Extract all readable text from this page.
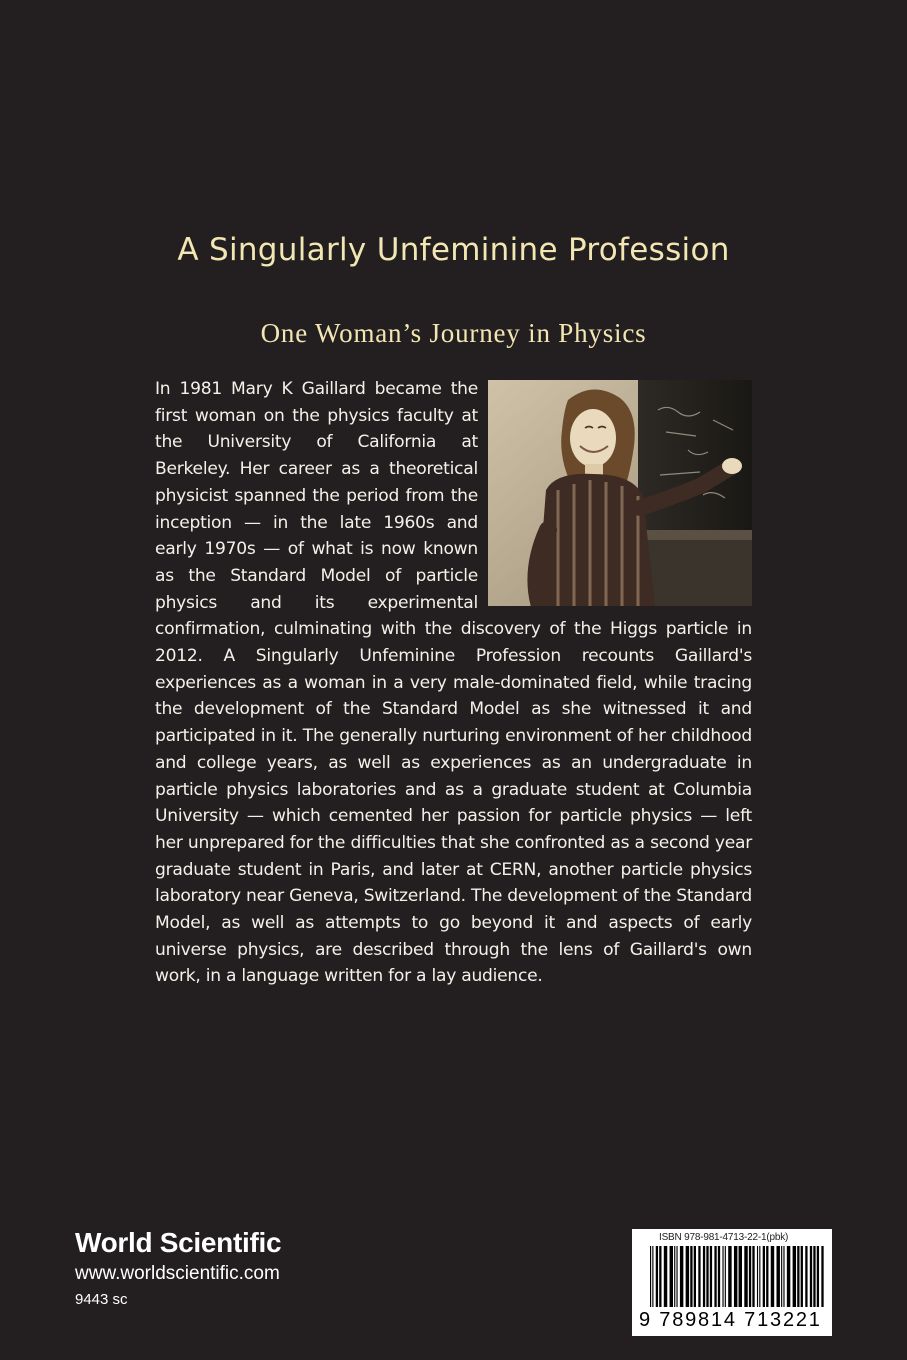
A Singularly Unfeminine Profession
One Woman’s Journey in Physics
In 1981 Mary K Gaillard became the first woman on the physics faculty at the University of California at Berkeley. Her career as a theoretical physicist spanned the period from the inception — in the late 1960s and early 1970s — of what is now known as the Standard Model of particle physics and its experimental confirmation, culminating with the discovery of the Higgs particle in 2012. A Singularly Unfeminine Profession recounts Gaillard's experiences as a woman in a very male-dominated field, while tracing the development of the Standard Model as she witnessed it and participated in it. The generally nurturing environment of her childhood and college years, as well as experiences as an undergraduate in particle physics laboratories and as a graduate student at Columbia University — which cemented her passion for particle physics — left her unprepared for the difficulties that she confronted as a second year graduate student in Paris, and later at CERN, another particle physics laboratory near Geneva, Switzerland. The development of the Standard Model, as well as attempts to go beyond it and aspects of early universe physics, are described through the lens of Gaillard's own work, in a language written for a lay audience.
World Scientific
www.worldscientific.com
9443 sc
ISBN 978-981-4713-22-1(pbk)
9 789814 713221
